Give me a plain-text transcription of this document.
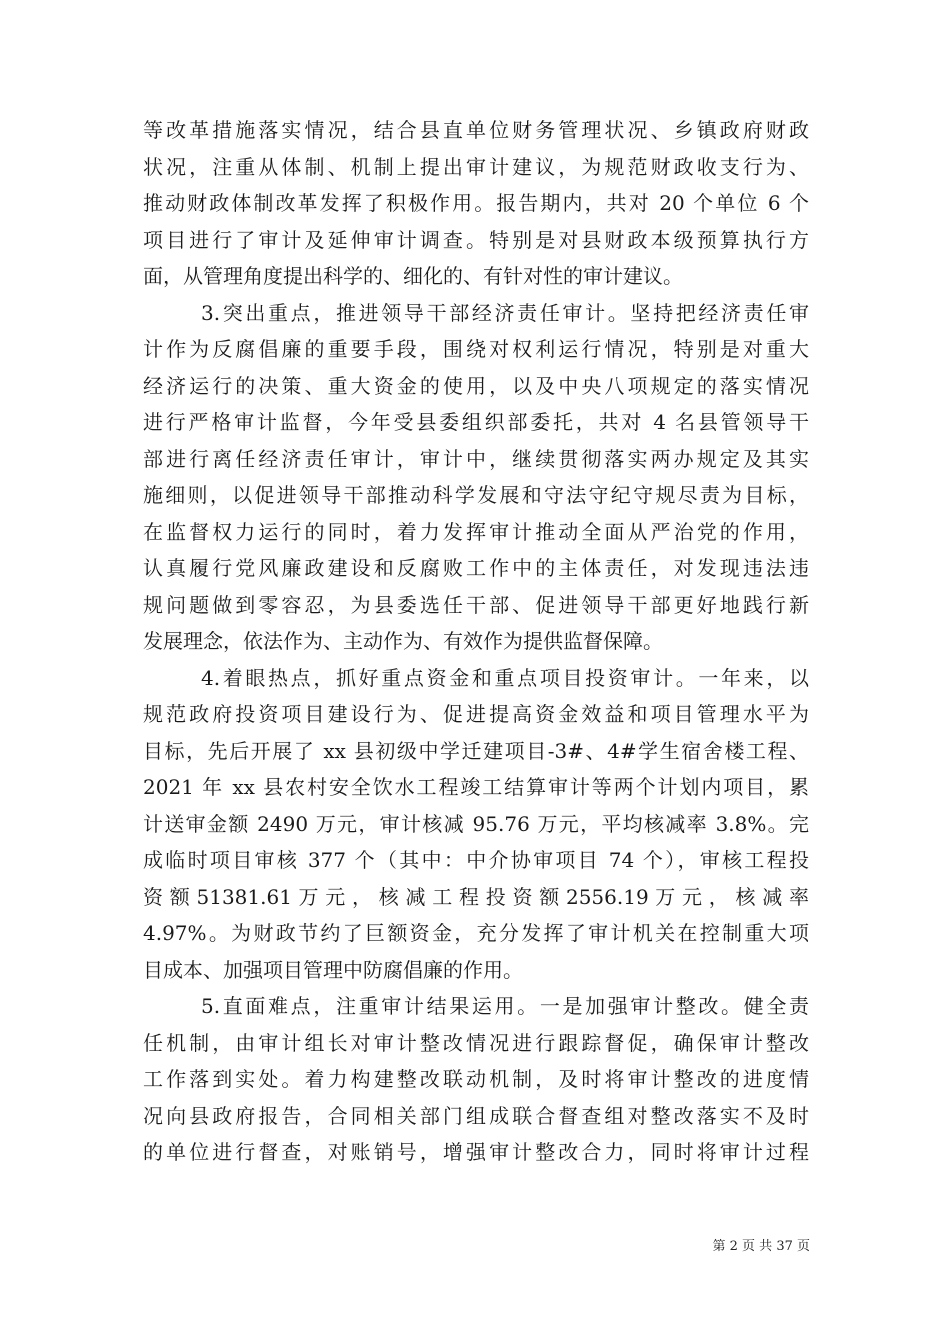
等改革措施落实情况，结合县直单位财务管理状况、乡镇政府财政
状况，注重从体制、机制上提出审计建议，为规范财政收支行为、
推动财政体制改革发挥了积极作用。报告期内，共对 20 个单位 6 个
项目进行了审计及延伸审计调查。特别是对县财政本级预算执行方
面，从管理角度提出科学的、细化的、有针对性的审计建议。
3.突出重点，推进领导干部经济责任审计。坚持把经济责任审
计作为反腐倡廉的重要手段，围绕对权利运行情况，特别是对重大
经济运行的决策、重大资金的使用，以及中央八项规定的落实情况
进行严格审计监督，今年受县委组织部委托，共对 4 名县管领导干
部进行离任经济责任审计，审计中，继续贯彻落实两办规定及其实
施细则，以促进领导干部推动科学发展和守法守纪守规尽责为目标，
在监督权力运行的同时，着力发挥审计推动全面从严治党的作用，
认真履行党风廉政建设和反腐败工作中的主体责任，对发现违法违
规问题做到零容忍，为县委选任干部、促进领导干部更好地践行新
发展理念，依法作为、主动作为、有效作为提供监督保障。
4.着眼热点，抓好重点资金和重点项目投资审计。一年来，以
规范政府投资项目建设行为、促进提高资金效益和项目管理水平为
目标，先后开展了 xx 县初级中学迁建项目-3#、4#学生宿舍楼工程、
2021 年 xx 县农村安全饮水工程竣工结算审计等两个计划内项目，累
计送审金额 2490 万元，审计核减 95.76 万元，平均核减率 3.8%。完
成临时项目审核 377 个（其中：中介协审项目 74 个），审核工程投
资 额 51381.61 万 元 ， 核 减 工 程 投 资 额 2556.19 万 元 ， 核 减 率
4.97%。为财政节约了巨额资金，充分发挥了审计机关在控制重大项
目成本、加强项目管理中防腐倡廉的作用。
5.直面难点，注重审计结果运用。一是加强审计整改。健全责
任机制，由审计组长对审计整改情况进行跟踪督促，确保审计整改
工作落到实处。着力构建整改联动机制，及时将审计整改的进度情
况向县政府报告，合同相关部门组成联合督查组对整改落实不及时
的单位进行督查，对账销号，增强审计整改合力，同时将审计过程
第 2 页 共 37 页
